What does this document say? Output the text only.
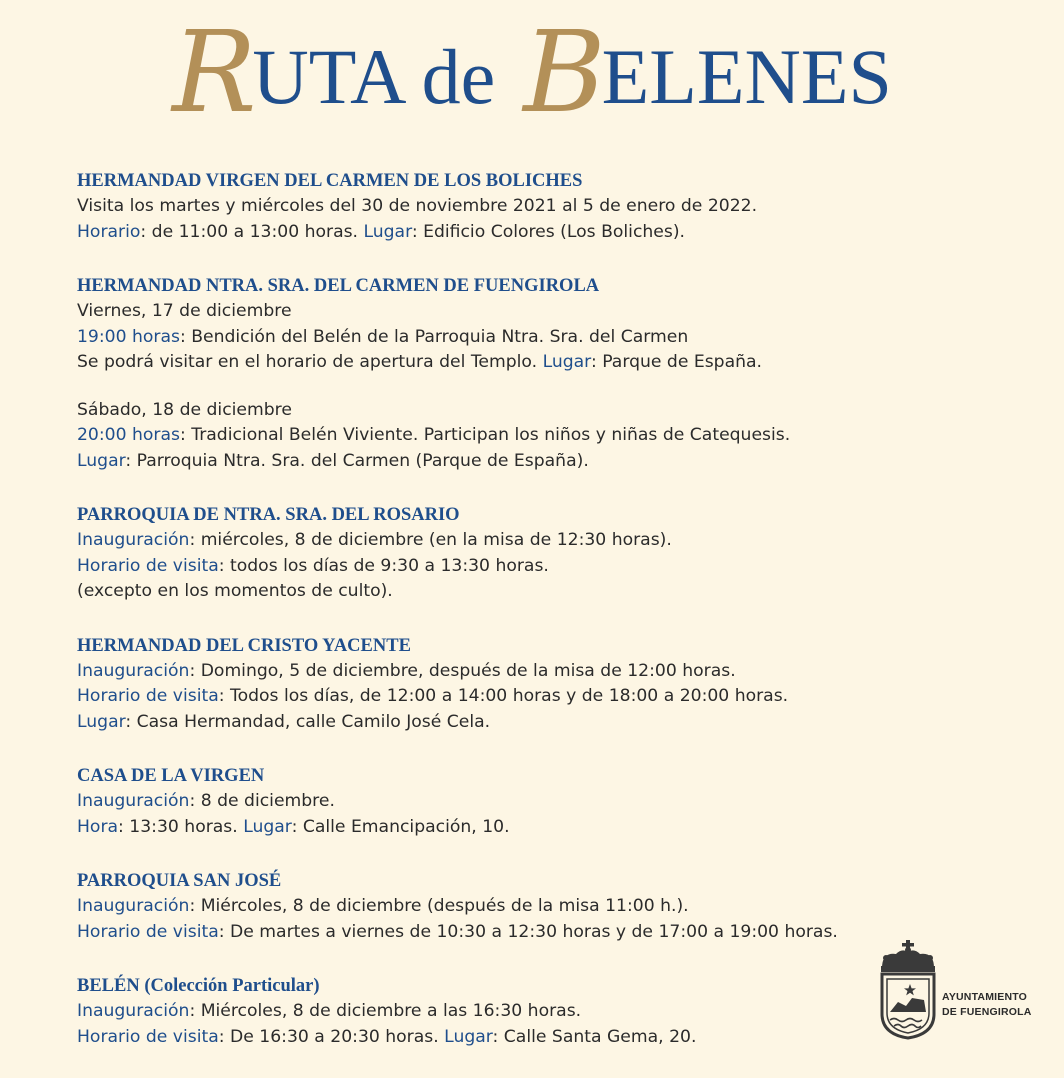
RUTA de BELENES
HERMANDAD VIRGEN DEL CARMEN DE LOS BOLICHES
Visita los martes y miércoles del 30 de noviembre 2021 al 5 de enero de 2022.
Horario: de 11:00 a 13:00 horas. Lugar: Edificio Colores (Los Boliches).
HERMANDAD NTRA. SRA. DEL CARMEN DE FUENGIROLA
Viernes, 17 de diciembre
19:00 horas: Bendición del Belén de la Parroquia Ntra. Sra. del Carmen
Se podrá visitar en el horario de apertura del Templo. Lugar: Parque de España.
Sábado, 18 de diciembre
20:00 horas: Tradicional Belén Viviente. Participan los niños y niñas de Catequesis.
Lugar: Parroquia Ntra. Sra. del Carmen (Parque de España).
PARROQUIA DE NTRA. SRA. DEL ROSARIO
Inauguración: miércoles, 8 de diciembre (en la misa de 12:30 horas).
Horario de visita: todos los días de 9:30 a 13:30 horas.
(excepto en los momentos de culto).
HERMANDAD DEL CRISTO YACENTE
Inauguración: Domingo, 5 de diciembre, después de la misa de 12:00 horas.
Horario de visita: Todos los días, de 12:00 a 14:00 horas y de 18:00 a 20:00 horas.
Lugar: Casa Hermandad, calle Camilo José Cela.
CASA DE LA VIRGEN
Inauguración: 8 de diciembre.
Hora: 13:30 horas. Lugar: Calle Emancipación, 10.
PARROQUIA SAN JOSÉ
Inauguración: Miércoles, 8 de diciembre (después de la misa 11:00 h.).
Horario de visita: De martes a viernes de 10:30 a 12:30 horas y de 17:00 a 19:00 horas.
BELÉN (Colección Particular)
Inauguración: Miércoles, 8 de diciembre a las 16:30 horas.
Horario de visita: De 16:30 a 20:30 horas. Lugar: Calle Santa Gema, 20.
AYUNTAMIENTO
DE FUENGIROLA
